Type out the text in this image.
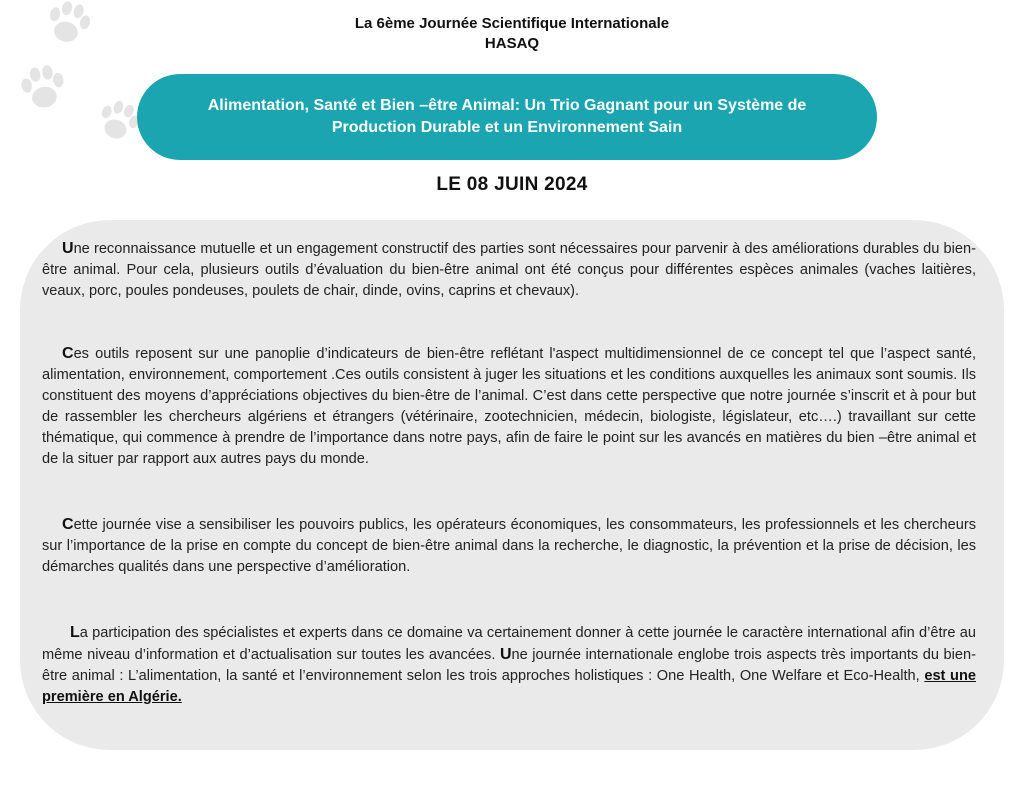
La 6ème Journée Scientifique Internationale
HASAQ
Alimentation, Santé et Bien –être Animal: Un Trio Gagnant pour un Système de
Production Durable et un Environnement Sain
LE 08 JUIN 2024

Une reconnaissance mutuelle et un engagement constructif des parties sont nécessaires pour parvenir à des améliorations durables du bien-être animal. Pour cela, plusieurs outils d’évaluation du bien-être animal ont été conçus pour différentes espèces animales (vaches laitières, veaux, porc, poules pondeuses, poulets de chair, dinde, ovins, caprins et chevaux).

Ces outils reposent sur une panoplie d’indicateurs de bien-être reflétant l'aspect multidimensionnel de ce concept tel que l’aspect santé, alimentation, environnement, comportement .Ces outils consistent à juger les situations et les conditions auxquelles les animaux sont soumis. Ils constituent des moyens d’appréciations objectives du bien-être de l’animal. C’est dans cette perspective que notre journée s’inscrit et à pour but de rassembler les chercheurs algériens et étrangers (vétérinaire, zootechnicien, médecin, biologiste, législateur, etc….) travaillant sur cette thématique, qui commence à prendre de l’importance dans notre pays, afin de faire le point sur les avancés en matières du bien –être animal et de la situer par rapport aux autres pays du monde.

Cette journée vise a sensibiliser les pouvoirs publics, les opérateurs économiques, les consommateurs, les professionnels et les chercheurs sur l’importance de la prise en compte du concept de bien-être animal dans la recherche, le diagnostic, la prévention et la prise de décision, les démarches qualités dans une perspective d’amélioration.

La participation des spécialistes et experts dans ce domaine va certainement donner à cette journée le caractère international afin d’être au même niveau d’information et d’actualisation sur toutes les avancées. Une journée internationale englobe trois aspects très importants du bien- être animal : L’alimentation, la santé et l’environnement selon les trois approches holistiques : One Health, One Welfare et Eco-Health, est une première en Algérie.
